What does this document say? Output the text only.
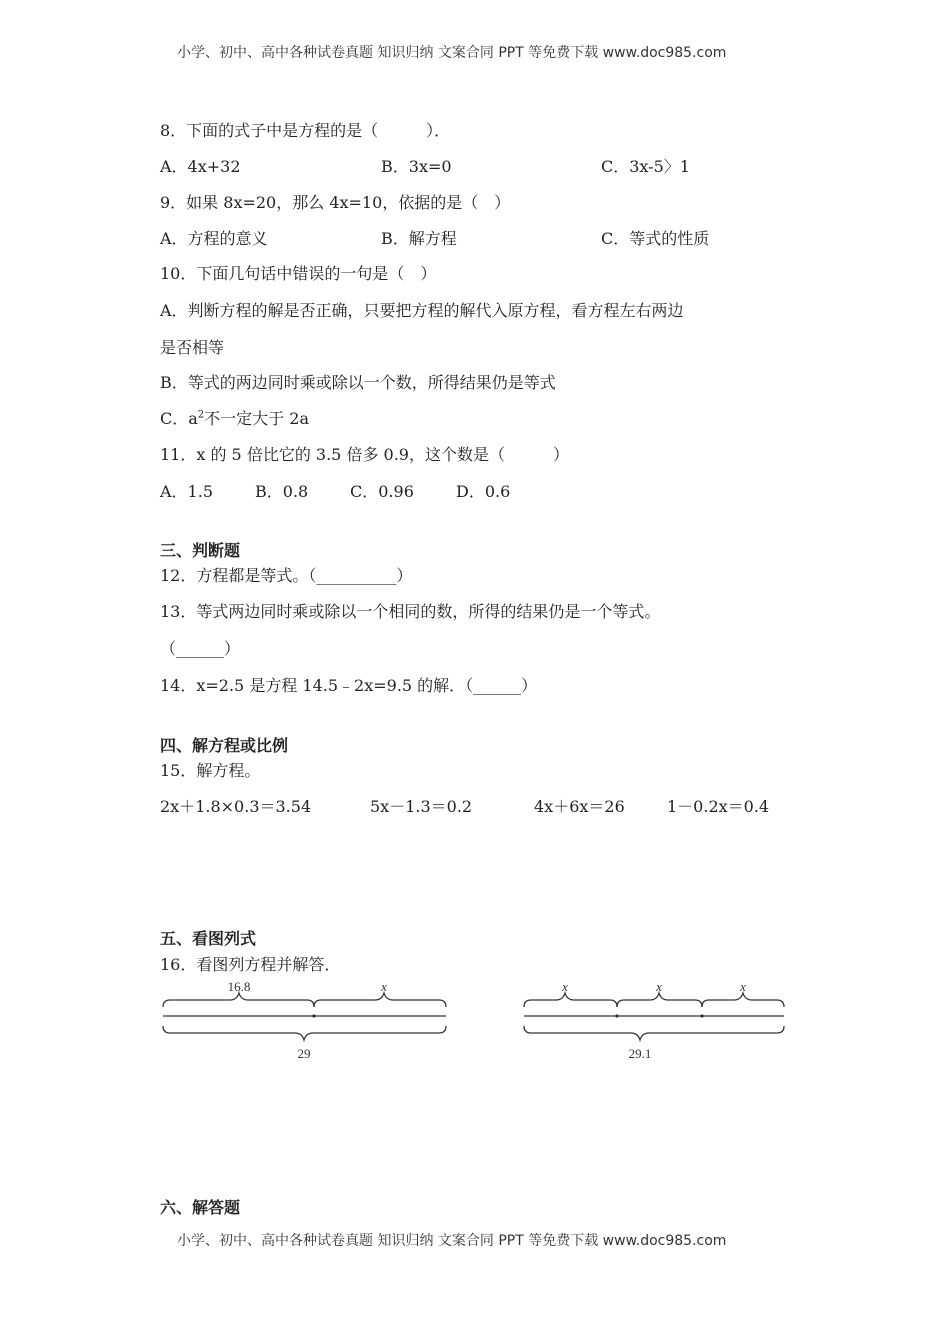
小学、初中、高中各种试卷真题 知识归纳 文案合同 PPT 等免费下载 www.doc985.com
8．下面的式子中是方程的是（　　　）．
A．4x+32	B．3x=0	C．3x-5〉1
9．如果 8x=20，那么 4x=10，依据的是（　）
A．方程的意义	B．解方程	C．等式的性质
10．下面几句话中错误的一句是（　）
A．判断方程的解是否正确，只要把方程的解代入原方程，看方程左右两边
是否相等
B．等式的两边同时乘或除以一个数，所得结果仍是等式
C．$a^2$不一定大于 2a
11．x 的 5 倍比它的 3.5 倍多 0.9，这个数是（　　　）
A．1.5	B．0.8	C．0.96	D．0.6
三、判断题
12．方程都是等式。（__________）
13．等式两边同时乘或除以一个相同的数，所得的结果仍是一个等式。
（______）
14．x=2.5 是方程 14.5﹣2x=9.5 的解．（______）
四、解方程或比例
15．解方程。
2x＋1.8×0.3＝3.54	5x－1.3＝0.2	4x＋6x＝26	1－0.2x＝0.4
五、看图列式
16．看图列方程并解答．
16.8	x
29
x	x	x
29.1
六、解答题
小学、初中、高中各种试卷真题 知识归纳 文案合同 PPT 等免费下载 www.doc985.com
